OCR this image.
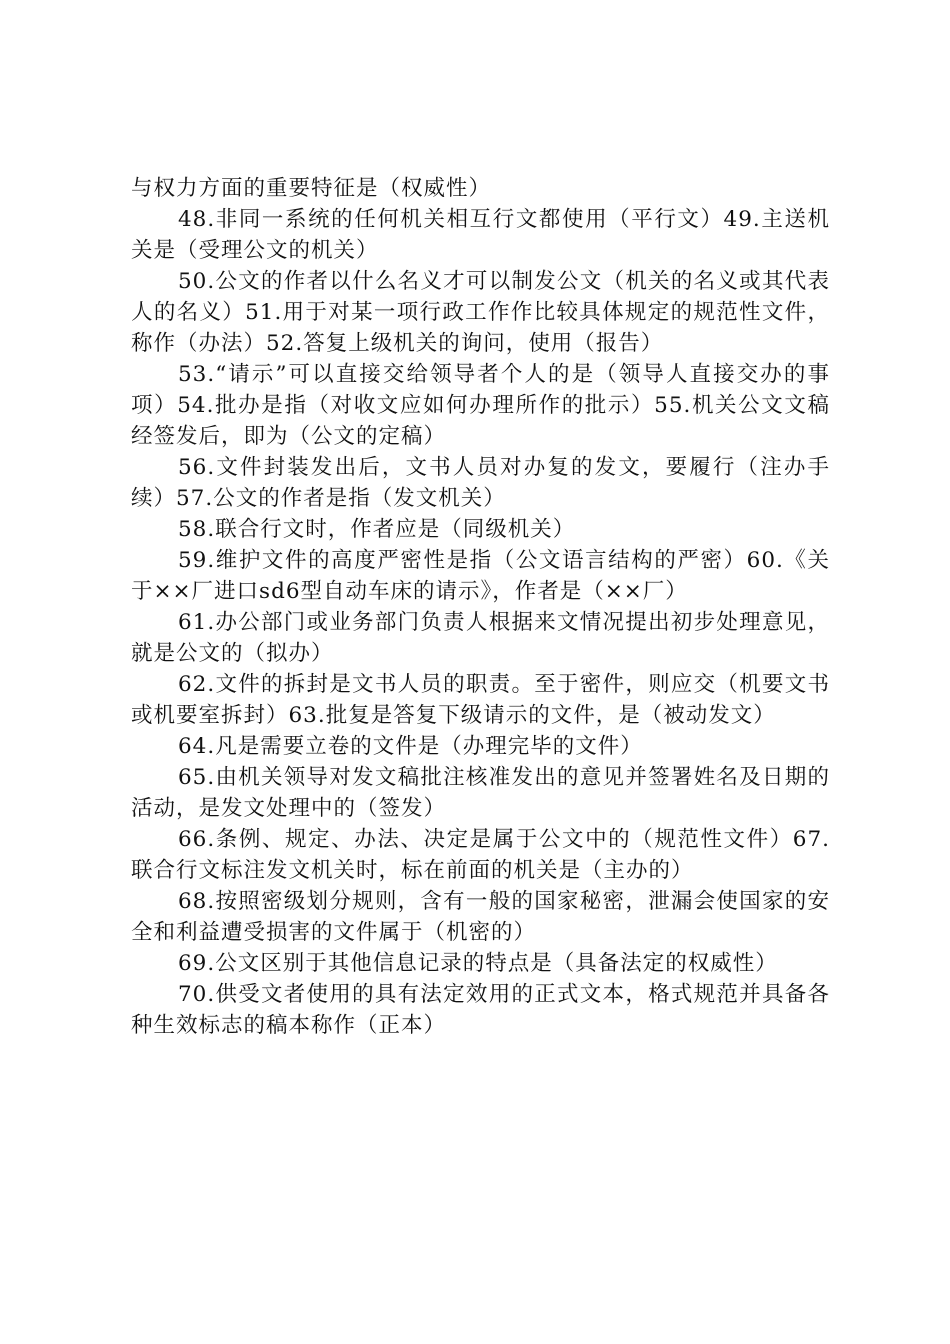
与权力方面的重要特征是（权威性）

48.非同一系统的任何机关相互行文都使用（平行文）49.主送机关是（受理公文的机关）

50.公文的作者以什么名义才可以制发公文（机关的名义或其代表人的名义）51.用于对某一项行政工作作比较具体规定的规范性文件，称作（办法）52.答复上级机关的询问，使用（报告）

53.“请示”可以直接交给领导者个人的是（领导人直接交办的事项）54.批办是指（对收文应如何办理所作的批示）55.机关公文文稿经签发后，即为（公文的定稿）

56.文件封装发出后，文书人员对办复的发文，要履行（注办手续）57.公文的作者是指（发文机关）

58.联合行文时，作者应是（同级机关）

59.维护文件的高度严密性是指（公文语言结构的严密）60.《关于××厂进口sd6型自动车床的请示》，作者是（××厂）

61.办公部门或业务部门负责人根据来文情况提出初步处理意见，就是公文的（拟办）

62.文件的拆封是文书人员的职责。至于密件，则应交（机要文书或机要室拆封）63.批复是答复下级请示的文件，是（被动发文）

64.凡是需要立卷的文件是（办理完毕的文件）

65.由机关领导对发文稿批注核准发出的意见并签署姓名及日期的活动，是发文处理中的（签发）

66.条例、规定、办法、决定是属于公文中的（规范性文件）67.联合行文标注发文机关时，标在前面的机关是（主办的）

68.按照密级划分规则，含有一般的国家秘密，泄漏会使国家的安全和利益遭受损害的文件属于（机密的）

69.公文区别于其他信息记录的特点是（具备法定的权威性）

70.供受文者使用的具有法定效用的正式文本，格式规范并具备各种生效标志的稿本称作（正本）
